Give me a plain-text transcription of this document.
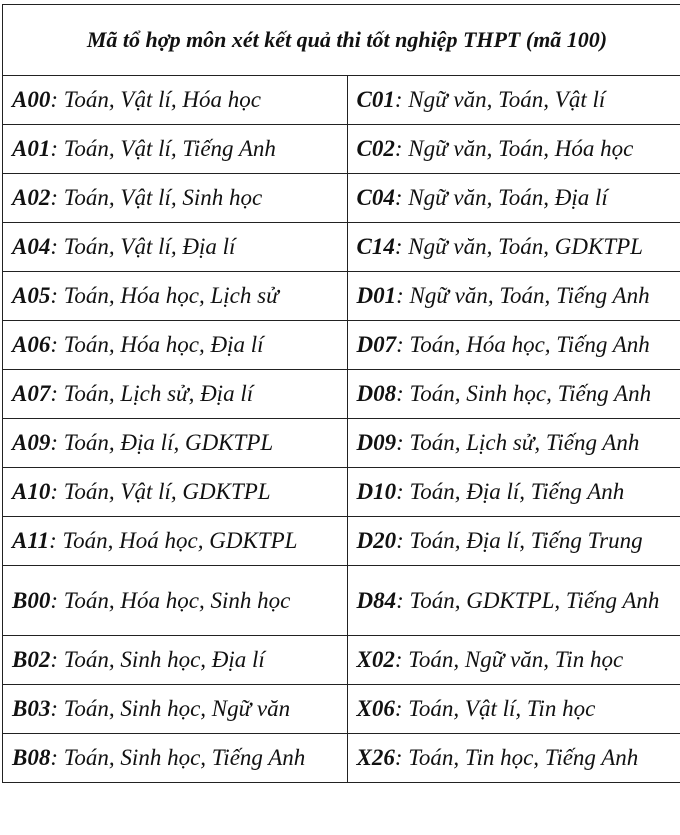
Mã tổ hợp môn xét kết quả thi tốt nghiệp THPT (mã 100)	
A00: Toán, Vật lí, Hóa học	C01: Ngữ văn, Toán, Vật lí
A01: Toán, Vật lí, Tiếng Anh	C02: Ngữ văn, Toán, Hóa học
A02: Toán, Vật lí, Sinh học	C04: Ngữ văn, Toán, Địa lí
A04: Toán, Vật lí, Địa lí	C14: Ngữ văn, Toán, GDKTPL
A05: Toán, Hóa học, Lịch sử	D01: Ngữ văn, Toán, Tiếng Anh
A06: Toán, Hóa học, Địa lí	D07: Toán, Hóa học, Tiếng Anh
A07: Toán, Lịch sử, Địa lí	D08: Toán, Sinh học, Tiếng Anh
A09: Toán, Địa lí, GDKTPL	D09: Toán, Lịch sử, Tiếng Anh
A10: Toán, Vật lí, GDKTPL	D10: Toán, Địa lí, Tiếng Anh
A11: Toán, Hoá học, GDKTPL	D20: Toán, Địa lí, Tiếng Trung
B00: Toán, Hóa học, Sinh học	D84: Toán, GDKTPL, Tiếng Anh
B02: Toán, Sinh học, Địa lí	X02: Toán, Ngữ văn, Tin học
B03: Toán, Sinh học, Ngữ văn	X06: Toán, Vật lí, Tin học
B08: Toán, Sinh học, Tiếng Anh	X26: Toán, Tin học, Tiếng Anh
